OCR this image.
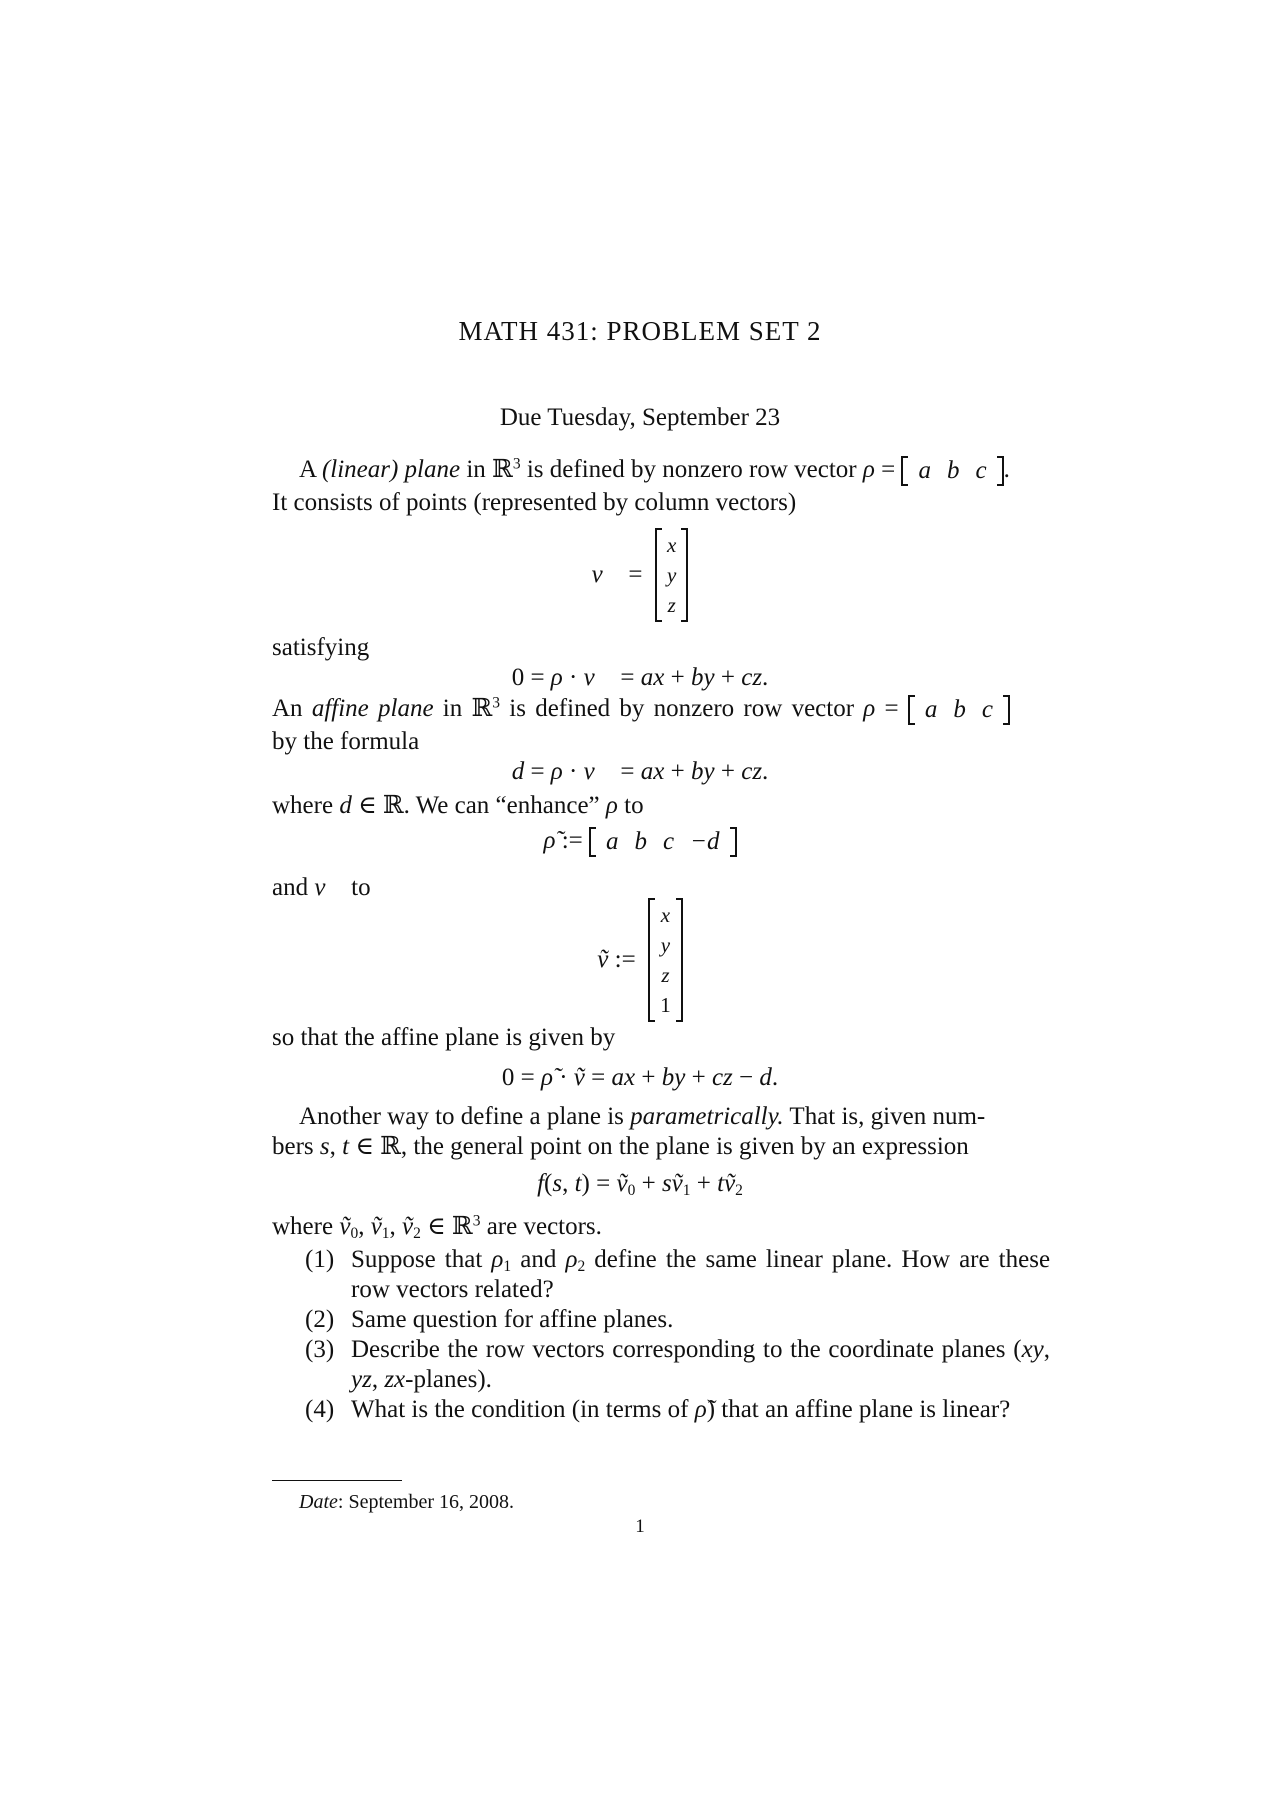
MATH 431: PROBLEM SET 2
Due Tuesday, September 23
A (linear) plane in ℝ$^3$ is defined by nonzero row vector ρ = a b c .
It consists of points (represented by column vectors)
v⃗ =
x
y
z
satisfying
0 = ρ · v⃗ = ax + by + cz.
An affine plane in ℝ$^3$ is defined by nonzero row vector ρ = a b c
by the formula
d = ρ · v⃗ = ax + by + cz.
where d ∈ ℝ. We can “enhance” ρ to
ρ̃ := a b c −d
and v⃗ to
ṽ :=
x
y
z
1
so that the affine plane is given by
0 = ρ̃ · ṽ = ax + by + cz − d.
Another way to define a plane is parametrically. That is, given num-
bers s, t ∈ ℝ, the general point on the plane is given by an expression
f(s, t) = ṽ$_0$ + sṽ$_1$ + tṽ$_2$
where ṽ$_0$, ṽ$_1$, ṽ$_2$ ∈ ℝ$^3$ are vectors.
(1) Suppose that $\rho_1$ and $\rho_2$ define the same linear plane. How are these row vectors related?
(2) Same question for affine planes.
(3) Describe the row vectors corresponding to the coordinate planes (xy, yz, zx-planes).
(4) What is the condition (in terms of ρ̃) that an affine plane is linear?
Date: September 16, 2008.
1
